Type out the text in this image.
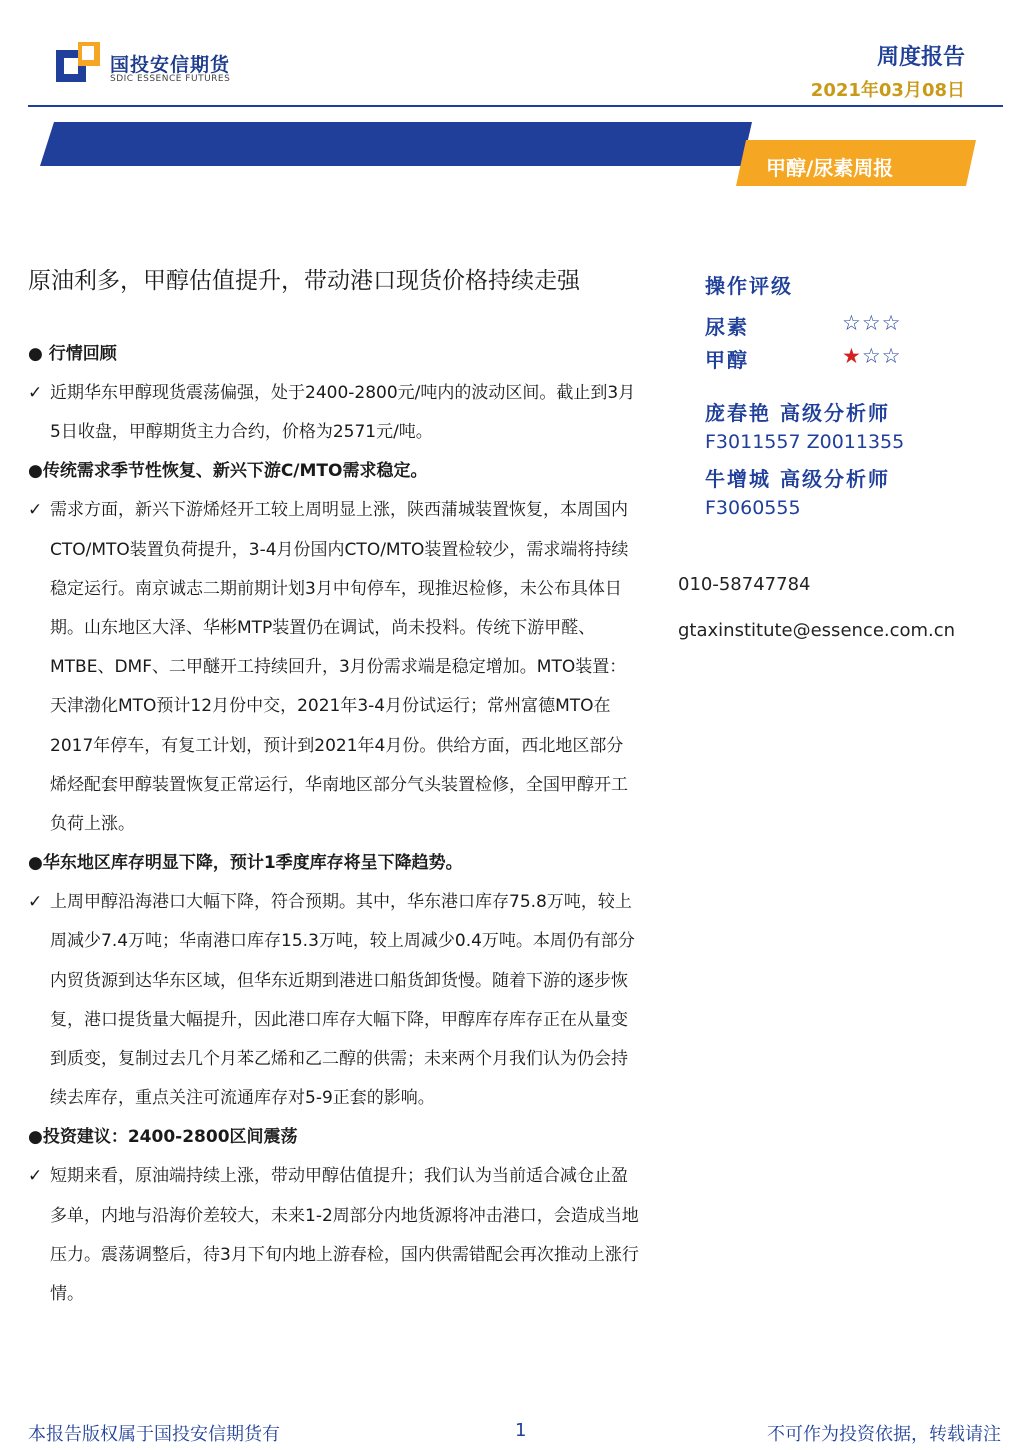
国投安信期货
SDIC ESSENCE FUTURES
周度报告
2021年03月08日
甲醇/尿素周报
原油利多，甲醇估值提升，带动港口现货价格持续走强
● 行情回顾

✓ 近期华东甲醇现货震荡偏强，处于2400-2800元/吨内的波动区间。截止到3月5日收盘，甲醇期货主力合约，价格为2571元/吨。

●传统需求季节性恢复、新兴下游C/MTO需求稳定。

✓ 需求方面，新兴下游烯烃开工较上周明显上涨，陕西蒲城装置恢复，本周国内CTO/MTO装置负荷提升，3-4月份国内CTO/MTO装置检较少，需求端将持续稳定运行。南京诚志二期前期计划3月中旬停车，现推迟检修，未公布具体日期。山东地区大泽、华彬MTP装置仍在调试，尚未投料。传统下游甲醛、MTBE、DMF、二甲醚开工持续回升，3月份需求端是稳定增加。MTO装置：天津渤化MTO预计12月份中交，2021年3-4月份试运行；常州富德MTO在2017年停车，有复工计划，预计到2021年4月份。供给方面，西北地区部分烯烃配套甲醇装置恢复正常运行，华南地区部分气头装置检修，全国甲醇开工负荷上涨。

●华东地区库存明显下降，预计1季度库存将呈下降趋势。

✓ 上周甲醇沿海港口大幅下降，符合预期。其中，华东港口库存75.8万吨，较上周减少7.4万吨；华南港口库存15.3万吨，较上周减少0.4万吨。本周仍有部分内贸货源到达华东区域，但华东近期到港进口船货卸货慢。随着下游的逐步恢复，港口提货量大幅提升，因此港口库存大幅下降，甲醇库存库存正在从量变到质变，复制过去几个月苯乙烯和乙二醇的供需；未来两个月我们认为仍会持续去库存，重点关注可流通库存对5-9正套的影响。

●投资建议：2400-2800区间震荡

✓ 短期来看，原油端持续上涨，带动甲醇估值提升；我们认为当前适合减仓止盈多单，内地与沿海价差较大，未来1-2周部分内地货源将冲击港口，会造成当地压力。震荡调整后，待3月下旬内地上游春检，国内供需错配会再次推动上涨行情。

操作评级
尿素	☆☆☆
甲醇	★☆☆
庞春艳 高级分析师
F3011557 Z0011355
牛增城 高级分析师
F3060555
010-58747784
gtaxinstitute@essence.com.cn
本报告版权属于国投安信期货有	1	不可作为投资依据，转载请注
